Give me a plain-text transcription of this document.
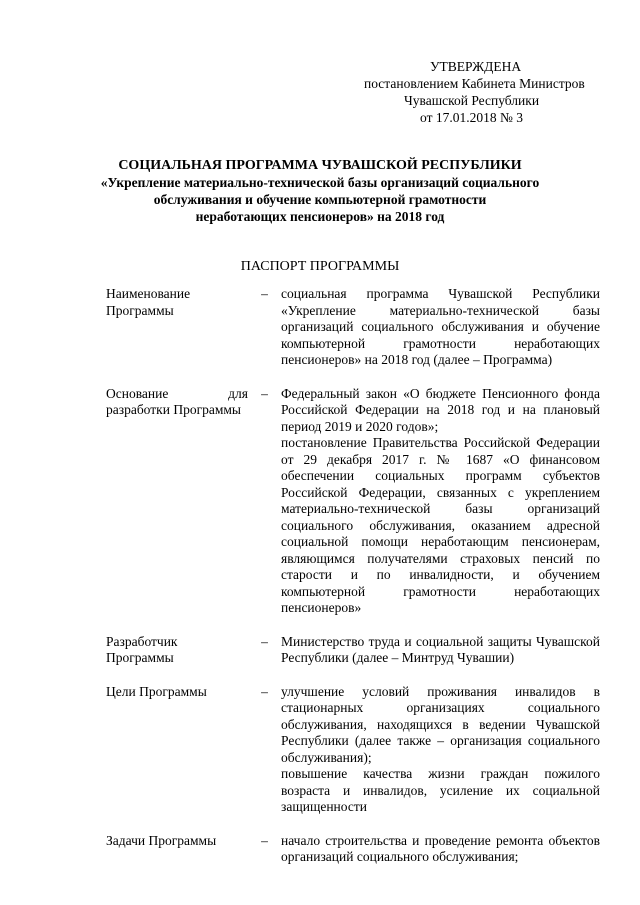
УТВЕРЖДЕНА
постановлением Кабинета Министров
Чувашской Республики
от 17.01.2018 № 3
СОЦИАЛЬНАЯ ПРОГРАММА ЧУВАШСКОЙ РЕСПУБЛИКИ
«Укрепление материально-технической базы организаций социального
обслуживания и обучение компьютерной грамотности
неработающих пенсионеров» на 2018 год
ПАСПОРТ ПРОГРАММЫ
Наименование Программы	–	социальная программа Чувашской Республики «Укрепление материально-технической базы организаций социального обслуживания и обучение компьютерной грамотности неработающих пенсионеров» на 2018 год (далее – Программа)

Основание для разработки Программы	–	Федеральный закон «О бюджете Пенсионного фонда Российской Федерации на 2018 год и на плановый период 2019 и 2020 годов»;
постановление Правительства Российской Федерации от 29 декабря 2017 г. № 1687 «О финансовом обеспечении социальных программ субъектов Российской Федерации, связанных с укреплением материально-технической базы организаций социального обслуживания, оказанием адресной социальной помощи неработающим пенсионерам, являющимся получателями страховых пенсий по старости и по инвалидности, и обучением компьютерной грамотности неработающих пенсионеров»

Разработчик Программы	–	Министерство труда и социальной защиты Чувашской Республики (далее – Минтруд Чувашии)

Цели Программы	–	улучшение условий проживания инвалидов в стационарных организациях социального обслуживания, находящихся в ведении Чувашской Республики (далее также – организация социального обслуживания);
повышение качества жизни граждан пожилого возраста и инвалидов, усиление их социальной защищенности

Задачи Программы	–	начало строительства и проведение ремонта объектов организаций социального обслуживания;
